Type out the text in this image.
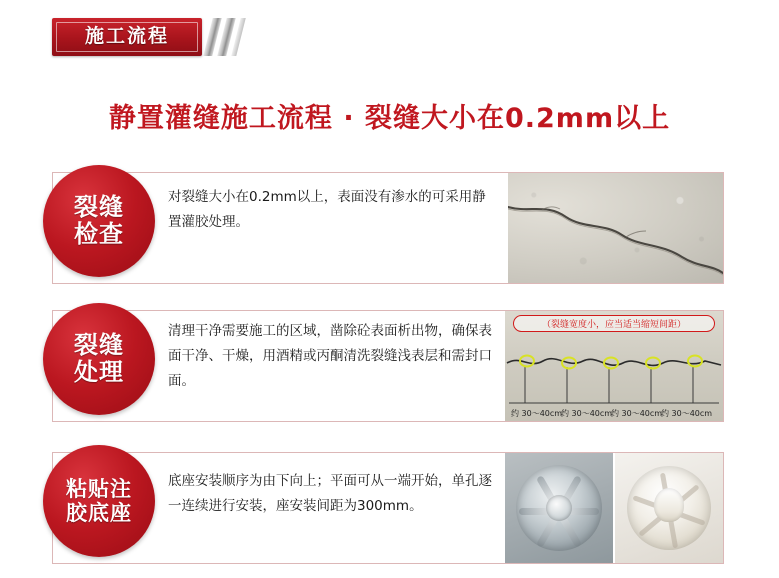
施工流程
静置灌缝施工流程 · 裂缝大小在0.2mm以上
对裂缝大小在0.2mm以上，表面没有渗水的可采用静置灌胶处理。
裂缝
检查
（裂缝宽度小，应当适当缩短间距）
约 30～40cm
约 30～40cm
约 30～40cm
约 30～40cm
清理干净需要施工的区域，凿除砼表面析出物，确保表面干净、干燥，用酒精或丙酮清洗裂缝浅表层和需封口面。
裂缝
处理
底座安装顺序为由下向上；平面可从一端开始，单孔逐一连续进行安装，座安装间距为300mm。
粘贴注
胶底座
